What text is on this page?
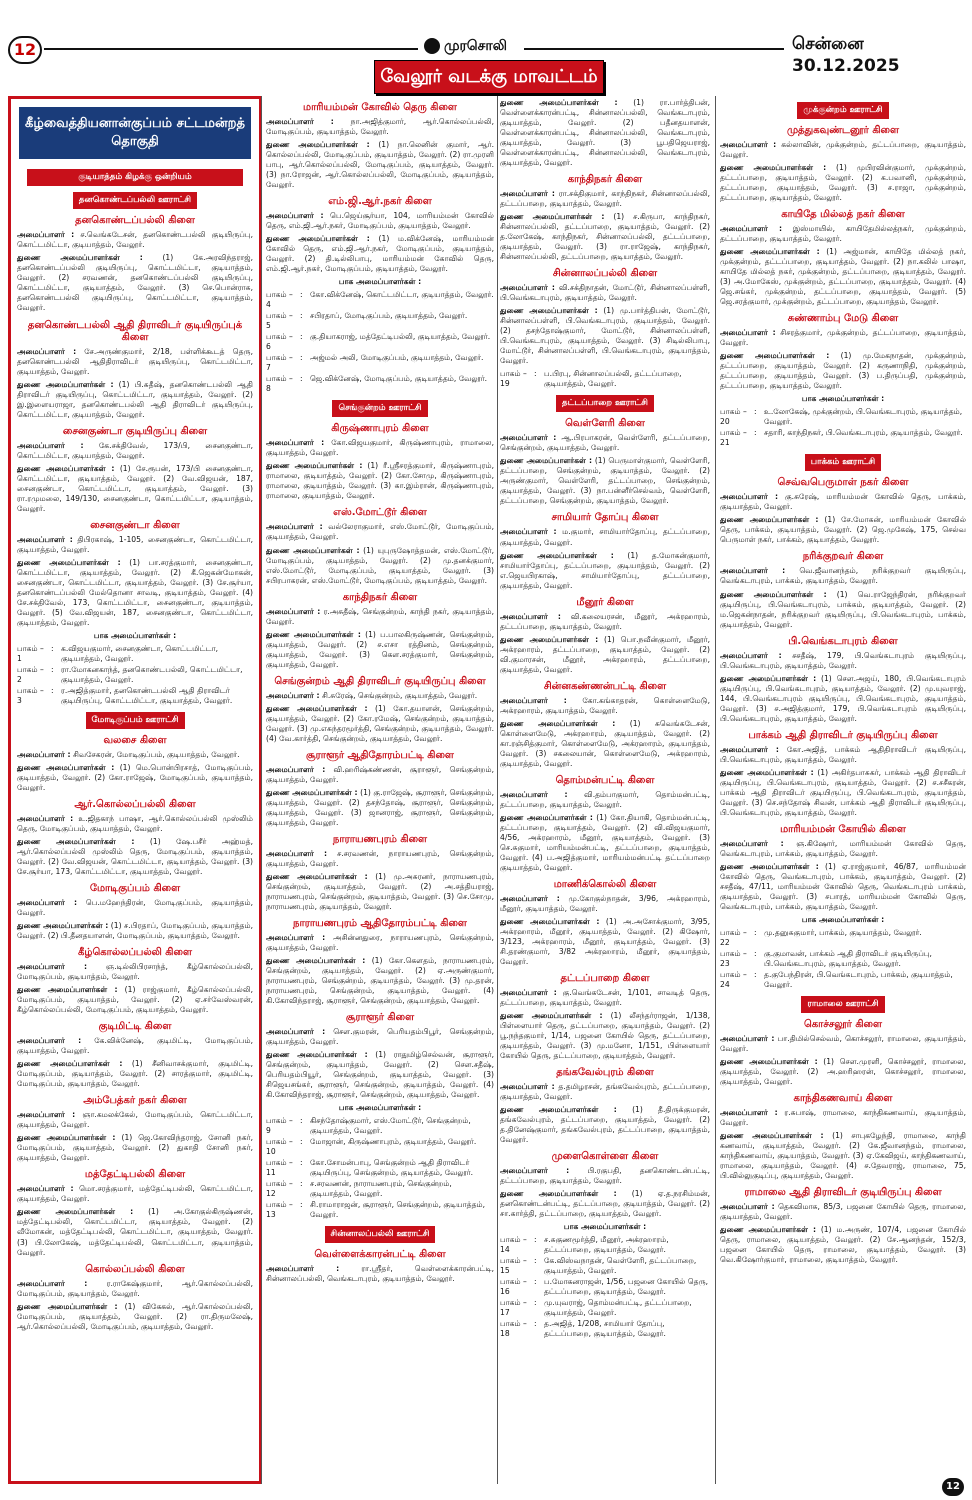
12	முரசொலி	சென்னை 30.12.2025
வேலூர் வடக்கு மாவட்டம்
கீழ்வைத்தியனான்குப்பம் சட்டமன்றத் தொகுதி
குடியாத்தம் கிழக்கு ஒன்றியம்
தனகொண்டப்பல்லி ஊராட்சி
தனகொண்டப்பல்லி கிளை
அமைப்பாளர் : ச.வெங்கடேசன், தனகொண்டபல்லி குடியிருப்பு, கொட்டமிட்டா, குடியாத்தம், வேலூர்.
துணை அமைப்பாளர்கள் :	(1) கே.அரவிந்தராஜ், தனகொண்டப்பல்லி குடியிருப்பு, கொட்டமிட்டா, குடியாத்தம், வேலூர். (2) சரவணன், தனகொண்டப்பல்லி குடியிருப்பு, கொட்டமிட்டா, குடியாத்தம், வேலூர். (3) செ.பொன்ராசு, தனகொண்டபல்லி குடியிருப்பு, கொட்டமிட்டா, குடியாத்தம், வேலூர்.
தனகொண்டபல்லி ஆதி திராவிடர் குடியிருப்புக் கிளை
அமைப்பாளர் : சே.அருண்குமார், 2/18, பள்ளிக்கூடத் தெரு, தனகொண்டபல்லி ஆதிதிராவிடர் குடியிருப்பு, கொட்டமிட்டா, குடியாத்தம், வேலூர்.
துணை அமைப்பாளர்கள் : (1) பி.சுதீஷ், தனகொண்டபல்லி ஆதி திராவிடர் குடியிருப்பு, கொட்டமிட்டா, குடியாத்தம், வேலூர். (2) இ.இளையராஜா, தனகொண்டபல்லி ஆதி திராவிடர் குடியிருப்பு, கொட்டமிட்டா, குடியாத்தம், வேலூர்.
சைனகுண்டா குடியிருப்பு கிளை
அமைப்பாளர் : கே.சக்திவேல், 173/பி, சைனகுண்டா, கொட்டமிட்டா, குடியாத்தம், வேலூர்.
துணை அமைப்பாளர்கள் : (1) சே.ரூபன், 173/பி சைனகுண்டா, கொட்டமிட்டா, குடியாத்தம், வேலூர். (2) வே.விஜயன், 187, சைனகுண்டா, கொட்டமிட்டா, குடியாத்தம், வேலூர். (3) ரா.ரமுமலை, 149/130, சைனகுண்டா, கொட்டமிட்டா, குடியாத்தம், வேலூர்.
சைனகுண்டா கிளை
அமைப்பாளர் : திபிரகாஷ், 1-105, சைனகுண்டா, கொட்டமிட்டா, குடியாத்தம், வேலூர்.
துணை அமைப்பாளர்கள் : (1) பா.சரத்குமார், சைனகுண்டா, கொட்டமிட்டா, குடியாத்தம், வேலூர். (2) கீ.ஜெகன்மோகன், சைனகுண்டா, கொட்டமிட்டா, குடியாத்தம், வேலூர். (3) சே.சூர்யா, தனகொண்டப்பல்லி மேல்தொனா சாவடி, குடியாத்தம், வேலூர். (4) சே.சக்திவேல், 173, கொட்டமிட்டா, சைனகுண்டா, குடியாத்தம், வேலூர். (5) வே.விஜயன், 187, சைனகுண்டா, கொட்டமிட்டா, குடியாத்தம், வேலூர்.
பாக அமைப்பாளர்கள் :
பாகம் – 1
: க.விஜயகுமார், சைனகுண்டா, கொட்டமிட்டா, குடியாத்தம், வேலூர்.
பாகம் – 2
: ரா.மோகனகாந்த், தனகொண்டபல்லி, கொட்டமிட்டா, குடியாத்தம், வேலூர்.
பாகம் – 3
: ர.அஜித்குமார், தனகொண்டபல்லி ஆதி திராவிடர் குடியிருப்பு, கொட்டமிட்டா, குடியாத்தம், வேலூர்.
மோடிகுப்பம் ஊராட்சி
வலசை கிளை
அமைப்பாளர் : சிவசேகரன், மோடிகுப்பம், குடியாத்தம், வேலூர்.
துணை அமைப்பாளர்கள் : (1) மெ.பொன்பிரசாத், மோடிகுப்பம், குடியாத்தம், வேலூர். (2) கோ.ராஜேஷ், மோடிகுப்பம், குடியாத்தம், வேலூர்.
ஆர்.கொல்லப்பல்லி கிளை
அமைப்பாளர் : உ.ஜிதகாந் பாஷா, ஆர்.கொல்லப்பல்லி முஸ்லிம் தெரு, மோடிகுப்பம், குடியாத்தம், வேலூர்.
துணை அமைப்பாளர்கள் : (1) ஷே.பசீர் அஹ்மத், ஆர்.கொல்லப்பல்லி முஸ்லிம் தெரு, மோடிகுப்பம், குடியாத்தம், வேலூர். (2) வே.விஜயன், கொட்டமிட்டா, குடியாத்தம், வேலூர். (3) சே.சூர்யா, 173, கொட்டமிட்டா, குடியாத்தம், வேலூர்.
மோடிகுப்பம் கிளை
அமைப்பாளர் : பெ.மஹேந்திரன், மோடிகுப்பம், குடியாத்தம், வேலூர்.
துணை அமைப்பாளர்கள் : (1) ச.பிரதாப், மோடிகுப்பம், குடியாத்தம், வேலூர். (2) பி.தீனதயாளன், மோடிகுப்பம், குடியாத்தம், வேலூர்.
கீழ்கொல்லப்பல்லி கிளை
அமைப்பாளர் : ஞ.டில்லிபிரசாந்த், கீழ்கொல்லப்பல்லி, மோடிகுப்பம், குடியாத்தம், வேலூர்.
துணை அமைப்பாளர்கள் : (1) ராஜ்குமார், கீழ்கொல்லப்பல்லி, மோடிகுப்பம், குடியாத்தம், வேலூர். (2) ஏ.சர்வேஸ்வரன், கீழ்கொல்லப்பல்லி, மோடிகுப்பம், குடியாத்தம், வேலூர்.
குடிமிட்டி கிளை
அமைப்பாளர் : கே.விக்னேஷ், குடிமிட்டி, மோடிகுப்பம், குடியாத்தம், வேலூர்.
துணை அமைப்பாளர்கள் : (1) சீனிவாசக்குமார், குடிமிட்டி, மோடிகுப்பம், குடியாத்தம், வேலூர். (2) சாரத்குமார், குடிமிட்டி, மோடிகுப்பம், குடியாத்தம், வேலூர்.
அம்பேத்கர் நகர் கிளை
அமைப்பாளர் : ஞா.கமலக்கேல், மோடிகுப்பம், கொட்டமிட்டா, குடியாத்தம், வேலூர்.
துணை அமைப்பாளர்கள் : (1) ஜெ.கோவிந்தராஜ், சோனி நகர், மோடிகுப்பம், குடியாத்தம், வேலூர். (2) துகாதி சோனி நகர், குடியாத்தம், வேலூர்.
மத்தேட்டிபல்லி கிளை
அமைப்பாளர் : மொ.சரத்குமார், மத்தேட்டிபல்லி, கொட்டமிட்டா, குடியாத்தம், வேலூர்.
துணை அமைப்பாளர்கள் : (1) அ.கோகுல்கிருஷ்ணன், மத்தேட்டிபல்லி, கொட்டமிட்டா, குடியாத்தம், வேலூர். (2) வீமோகன், மத்தேட்டிபல்லி, கொட்டமிட்டா, குடியாத்தம், வேலூர். (3) பி.லோகேஷ், மத்தேட்டிபல்லி, கொட்டமிட்டா, குடியாத்தம், வேலூர்.
கொல்லப்பல்லி கிளை
அமைப்பாளர் :	ர.ராகேஷ்குமார், ஆர்.கொல்லப்பல்லி, மோடிகுப்பம், குடியாத்தம், வேலூர்.
துணை அமைப்பாளர்கள் : (1) விகேகல், ஆர்.கொல்லப்பல்லி, மோடிகுப்பம், குடியாத்தம், வேலூர். (2) ரா.திருமலேஷ், ஆர்.கொல்லப்பல்லி, மோடிகுப்பம், குடியாத்தம், வேலூர்.
மாரியம்மன் கோவில் தெரு கிளை
அமைப்பாளர் : நா.அஜித்குமார், ஆர்.கொல்லப்பல்லி, மோடிகுப்பம், குடியாத்தம், வேலூர்.
துணை அமைப்பாளர்கள் : (1) நா.லெனின் குமார், ஆர். கொல்லப்பல்லி, மோடிகுப்பம், குடியாத்தம், வேலூர். (2) ரா.முரளி பாபு, ஆர்.கொல்லப்பல்லி, மோடிகுப்பம், குடியாத்தம், வேலூர். (3) நா.ரோஜன், ஆர்.கொல்லப்பல்லி, மோடிகுப்பம், குடியாத்தம், வேலூர்.
எம்.ஜி.ஆர்.நகர் கிளை
அமைப்பாளர் : பெ.ஜெய்சூர்யா, 104, மாரியம்மன் கோவில் தெரு, எம்.ஜி.ஆர்.நகர், மோடிகுப்பம், குடியாத்தம், வேலூர்.
துணை அமைப்பாளர்கள் : (1) ம.விக்னேஷ், மாரியம்மன் கோவில் தெரு, எம்.ஜி.ஆர்.நகர், மோடிகுப்பம், குடியாத்தம், வேலூர். (2) தி.டில்லிபாபு, மாரியம்மன் கோவில் தெரு, எம்.ஜி.ஆர்.நகர், மோடிகுப்பம், குடியாத்தம், வேலூர்.
பாக அமைப்பாளர்கள் :
பாகம் – 4
: கோ.விக்னேஷ், கொட்டமிட்டா, குடியாத்தம், வேலூர்.
பாகம் – 5
: சபிரதாப், மோடிகுப்பம், குடியாத்தம், வேலூர்.
பாகம் – 6
: கு.தியாகராஜ், மத்தேட்டிபல்லி, குடியாத்தம், வேலூர்.
பாகம் – 7
: அஜ்மல் அலி, மோடிகுப்பம், குடியாத்தம், வேலூர்.
பாகம் – 8
: ஜெ.விக்னேஷ், மோடிகுப்பம், குடியாத்தம், வேலூர்.
செங்குன்றம் ஊராட்சி
கிருஷ்ணாபுரம் கிளை
அமைப்பாளர் : கோ.விஜயகுமார், கிருஷ்ணாபுரம், ராமாலை, குடியாத்தம், வேலூர்.
துணை அமைப்பாளர்கள் : (1) ரீ.ஸ்ரீசரத்குமார், கிருஷ்ணாபுரம், ராமாலை, குடியாத்தம், வேலூர். (2) கோ.சோமு, கிருஷ்ணாபுரம், ராமாலை, குடியாத்தம், வேலூர். (3) கா.இம்ரான், கிருஷ்ணாபுரம், ராமாலை, குடியாத்தம், வேலூர்.
எஸ்.மோட்டூர் கிளை
அமைப்பாளர் : வல்லேராகுமார், எஸ்.மோட்டூர், மோடிகுப்பம், குடியாத்தம், வேலூர்.
துணை அமைப்பாளர்கள் : (1) யுபுருஷோத்தமன், எஸ்.மோட்டூர், மோடிகுப்பம், குடியாத்தம், வேலூர். (2) மு.தனக்குமார், எஸ்.மோட்டூர், மோடிகுப்பம், குடியாத்தம், வேலூர். (3) சபிரபாகரன், எஸ்.மோட்டூர், மோடிகுப்பம், குடியாத்தம், வேலூர்.
காந்திநகர் கிளை
அமைப்பாளர் : ர.அசுதீஷ், செங்குன்றம், காந்தி நகர், குடியாத்தம், வேலூர்.
துணை அமைப்பாளர்கள் : (1) ப.பாலகிருஷ்ணன், செங்குன்றம், குடியாத்தம், வேலூர். (2) ச.எசா ரத்தினம், செங்குன்றம், குடியாத்தம், வேலூர். (3) கௌ.சரத்குமார், செங்குன்றம், குடியாத்தம், வேலூர்.
செங்குன்றம் ஆதி திராவிடர் குடியிருப்பு கிளை
அமைப்பாளர் : சி.சுரேஷ், செங்குன்றம், குடியாத்தம், வேலூர்.
துணை அமைப்பாளர்கள் : (1) கோ.தயாளன், செங்குன்றம், குடியாத்தம், வேலூர். (2) கோ.ரமேஷ், செங்குன்றம், குடியாத்தம், வேலூர். (3) மு.எசுந்தரமூர்த்தி, செங்குன்றம், குடியாத்தம், வேலூர். (4) வே.கார்த்தி, செங்குன்றம், குடியாத்தம், வேலூர்.
சூராளூர் ஆதிதோரம்பட்டி கிளை
அமைப்பாளர் : வி.ஹரிஷ்கண்ணன், சூராளூர், செங்குன்றம், குடியாத்தம், வேலூர்.
துணை அமைப்பாளர்கள் : (1) கு.ராஜேஷ், சூராளூர், செங்குன்றம், குடியாத்தம், வேலூர். (2) தசந்தோஷ், சூராளூர், செங்குன்றம், குடியாத்தம், வேலூர். (3) ஜானராஜ், சூராளூர், செங்குன்றம், குடியாத்தம், வேலூர்.
நாராயணபுரம் கிளை
அமைப்பாளர் : ச.சரவணன், நாராயணபுரம், செங்குன்றம், குடியாத்தம், வேலூர்.
துணை அமைப்பாளர்கள் : (1) மு.அசுரனர், நாராயணபுரம், செங்குன்றம், குடியாத்தம், வேலூர். (2) அ.சத்தியராஜ், நாராயணபுரம், செங்குன்றம், குடியாத்தம், வேலூர். (3) செ.சோமு, நாராயணபுரம், குடியாத்தம், வேலூர்.
நாராயணபுரம் ஆதிதோரம்பட்டி கிளை
அமைப்பாளர் : அசின்னதுரை, நாராயணபுரம், செங்குன்றம், குடியாத்தம், வேலூர்.
துணை அமைப்பாளர்கள் : (1) கோ.கௌதம், நாராயணபுரம், செங்குன்றம், குடியாத்தம், வேலூர். (2) ஏ.அருண்குமார், நாராயணபுரம், செங்குன்றம், குடியாத்தம், வேலூர். (3) மு.தரன், நாராயணபுரம், செங்குன்றம், குடியாத்தம், வேலூர். (4) கி.கோவிந்தராஜ், சூராளூர், செங்குன்றம், குடியாத்தம், வேலூர்.
சூராளூர் கிளை
அமைப்பாளர் : சௌ.குமரன், பெரியதம்பிபூர், செங்குன்றம், குடியாத்தம், வேலூர்.
துணை அமைப்பாளர்கள் : (1) ராதுமிழ்செல்வன், சூராளூர், செங்குன்றம், குடியாத்தம், வேலூர். (2) செள.சதீஷ், பெரியதம்பியூர், செங்குன்றம், குடியாத்தம், வேலூர். (3) சிஜெயசங்கர், சூராளூர், செங்குன்றம், குடியாத்தம், வேலூர். (4) கி.கோவிந்தராஜ், சூராளூர், செங்குன்றம், குடியாத்தம், வேலூர்.
பாக அமைப்பாளர்கள் :
பாகம் – 9
: கிசந்தோஷ்குமார், எஸ்.மோட்டூர், செங்குன்றம், குடியாத்தம், வேலூர்.
பாகம் – 10
: மோஜான், கிருஷ்ணாபுரம், குடியாத்தம், வேலூர்.
பாகம் – 11
: கோ.சோமன்பாபு, செங்குன்றம் ஆதி திராவிடர் குடியிருப்பு, செங்குன்றம், குடியாத்தம், வேலூர்.
பாகம் – 12
: ச.சரவணன், நாராயணபுரம், செங்குன்றம், குடியாத்தம், வேலூர்.
பாகம் – 13
: சி.ராமாராஜன், சூராளூர், செங்குன்றம், குடியாத்தம், வேலூர்.
சின்னாலப்பல்லி ஊராட்சி
வெள்ளைக்காரன்பட்டி கிளை
அமைப்பாளர் :	ரா.ஸ்ரீதர், வெள்ளைக்காரன்பட்டி, சின்னாலப்பல்லி, வெங்கடாபுரம், குடியாத்தம், வேலூர்.
துணை அமைப்பாளர்கள் : (1) ரா.பார்த்திபன், வெள்ளைக்காரன்பட்டி, சின்னாலப்பல்லி, வெங்கடாபுரம், குடியாத்தம், வேலூர். (2) பதீனதயாளன், வெள்ளைக்காரன்பட்டி, சின்னாலப்பல்லி, வெங்கடாபுரம், குடியாத்தம், வேலூர். (3) பூபதிஜெயராஜ், வெள்ளைக்காரன்பட்டி, சின்னாலப்பல்லி, வெங்கடாபுரம், குடியாத்தம், வேலூர்.
காந்திநகர் கிளை
அமைப்பாளர் : ரா.சக்திகுமார், காந்திநகர், சின்னாலப்பல்லி, தட்டப்பாறை, குடியாத்தம், வேலூர்.
துணை அமைப்பாளர்கள் : (1) ச.கிருபா, காந்திநகர், சின்னாலப்பல்லி, தட்டப்பாறை, குடியாத்தம், வேலூர். (2) த.லோகேஷ், காந்திநகர், சின்னாலப்பல்லி, தட்டப்பாறை, குடியாத்தம், வேலூர். (3) ரா.ராஜேஷ், காந்திநகர், சின்னாலப்பல்லி, தட்டப்பாறை, குடியாத்தம், வேலூர்.
சின்னாலப்பல்லி கிளை
அமைப்பாளர் : வி.சக்திநாதன், மோட்டூர், சின்னாலப்பள்ளி, பி.வெங்கடாபுரம், குடியாத்தம், வேலூர்.
துணை அமைப்பாளர்கள் : (1) மு.பார்த்திபன், மோட்டூர், சின்னாலப்பள்ளி, பி.வெங்கடாபுரம், குடியாத்தம், வேலூர். (2) தசந்தோஷ்குமார், மோட்டூர், சின்னாலப்பள்ளி, பி.வெங்கடாபுரம், குடியாத்தம், வேலூர். (3) சிடில்லிபாபு, மோட்டூர், சின்னாலப்பள்ளி, பி.வெங்கடாபுரம், குடியாத்தம், வேலூர்.
பாகம் – 19
: ப.பிரபு, சின்னாலப்பல்லி, தட்டப்பாறை, குடியாத்தம், வேலூர்.
தட்டப்பாறை ஊராட்சி
வெள்ளேரி கிளை
அமைப்பாளர் : ஆ.பிரபாகரன், வெள்ளேரி, தட்டப்பாறை, செங்குன்றம், குடியாத்தம், வேலூர்.
துணை அமைப்பாளர்கள் : (1) பெருமாள்குமார், வெள்ளேரி, தட்டப்பாறை, செங்குன்றம், குடியாத்தம், வேலூர். (2) அருண்குமார், வெள்ளேரி, தட்டப்பாறை, செங்குன்றம், குடியாத்தம், வேலூர். (3) நா.பன்னீர்செல்வம், வெள்ளேரி, தட்டப்பாறை, செங்குன்றம், குடியாத்தம், வேலூர்.
சாமியார் தோப்பு கிளை
அமைப்பாளர் : ம.குமார், சாமியார்தோப்பு, தட்டப்பாறை, குடியாத்தம், வேலூர்.
துணை அமைப்பாளர்கள் : (1) த.மோகன்குமார், சாமியார்தோப்பு, தட்டப்பாறை, குடியாத்தம், வேலூர். (2) எ.ஜெயபிரகாஷ், சாமியார்தோப்பு, தட்டப்பாறை, குடியாத்தம், வேலூர்.
மீனூர் கிளை
அமைப்பாளர் : வி.கலையரசன், மீனூர், அக்ரஹாரம், தட்டப்பாறை, குடியாத்தம், வேலூர்.
துணை அமைப்பாளர்கள் : (1) பொ.நவீன்குமார், மீனூர், அக்ரஹாரம், தட்டப்பாறை, குடியாத்தம், வேலூர். (2) வி.குமாரசன், மீனூர், அக்ரஹாரம், தட்டப்பாறை, குடியாத்தம், வேலூர்.
சின்னகண்ணன்பட்டி கிளை
அமைப்பாளர் : கோ.கங்காதரன், கொள்ளைமேடு, அக்ரஹாரம், குடியாத்தம், வேலூர்.
துணை அமைப்பாளர்கள் : (1) சுவெங்கடேசன், கொள்ளைமேடு, அக்ரஹாரம், குடியாத்தம், வேலூர். (2) கா.ரஞ்சித்குமார், கொள்ளைமேடு, அக்ரஹாரம், குடியாத்தம், வேலூர். (3) சகலையான், கொள்ளைமேடு, அக்ரஹாரம், குடியாத்தம், வேலூர்.
தொம்மன்பட்டி கிளை
அமைப்பாளர் : வி.தம்பாகுமார், தொம்மன்பட்டி, தட்டப்பாறை, குடியாத்தம், வேலூர்.
துணை அமைப்பாளர்கள் : (1) கோ.தியாகி, தொம்மன்பட்டி, தட்டப்பாறை, குடியாத்தம், வேலூர். (2) வி.விஜயகுமார், 4/56, அக்ரஹாரம், மீனூர், குடியாத்தம், வேலூர். (3) செ.சுகுமார், மாரியம்மன்பட்டி, தட்டப்பாறை, குடியாத்தம், வேலூர். (4) ப.அஜித்குமார், மாரியம்மன்பட்டி தட்டப்பாறை குடியாத்தம், வேலூர்.
மாணிக்கொல்லி கிளை
அமைப்பாளர் : மு.கோகுல்நாதன், 3/96, அக்ரஹாரம், மீனூர், குடியாத்தம், வேலூர்.
துணை அமைப்பாளர்கள் : (1) அ.அசோக்குமார், 3/95, அக்ரஹாரம், மீனூர், குடியாத்தம், வேலூர். (2) கிஷோர், 3/123, அக்ரஹாரம், மீனூர், குடியாத்தம், வேலூர். (3) சி.தரண்குமார், 3/82 அக்ரஹாரம், மீனூர், குடியாத்தம், வேலூர்.
தட்டப்பாறை கிளை
அமைப்பாளர் : கு.வெங்கடேசன், 1/101, சாவடித் தெரு, தட்டப்பாறை, குடியாத்தம், வேலூர்.
துணை அமைப்பாளர்கள் : (1) லீசந்தர்ராஜன், 1/138, பிள்ளையார் தெரு, தட்டப்பாறை, குடியாத்தம், வேலூர். (2) பூ.நந்தகுமார், 1/14, பஜனை கோயில் தெரு, தட்டப்பாறை, குடியாத்தம், வேலூர். (3) மு.மனோ, 1/151, பிள்ளையார் கோயில் தெரு, தட்டப்பாறை, குடியாத்தம், வேலூர்.
தங்கவேல்புரம் கிளை
அமைப்பாளர் : த.தமிழரசன், தங்கவேல்புரம், தட்டப்பாறை, குடியாத்தம், வேலூர்.
துணை அமைப்பாளர்கள் : (1) தீ.திருக்குமரன், தங்கவேல்புரம், தட்டப்பாறை, குடியாத்தம், வேலூர். (2) த.தினேஷ்குமார், தங்கவேல்புரம், தட்டப்பாறை, குடியாத்தம், வேலூர்.
முளைகொள்ளை கிளை
அமைப்பாளர் : பி.ரகுபதி, தனகொண்டன்பட்டி, தட்டப்பாறை, குடியாத்தம், வேலூர்.
துணை அமைப்பாளர்கள் : (1) ஏ.த.நரசிம்மன், தனகொண்டன்பட்டி, தட்டப்பாறை, குடியாத்தம், வேலூர். (2) சா.கார்த்தி, தட்டப்பாறை, குடியாத்தம், வேலூர்.
பாக அமைப்பாளர்கள் :
பாகம் – 14
: ச.சுகுணமூர்த்தி, மீனூர், அக்ரஹாரம், தட்டப்பாறை, குடியாத்தம், வேலூர்.
பாகம் – 15
: கே.விஸ்வநாதன், வெள்ளேரி, தட்டப்பாறை, குடியாத்தம், வேலூர்.
பாகம் – 16
: ப.மோகனராஜன், 1/56, பஜனை கோயில் தெரு, தட்டப்பாறை, குடியாத்தம், வேலூர்.
பாகம் – 17
: மு.யுவராஜ், தொம்மன்பட்டி, தட்டப்பாறை, குடியாத்தம், வேலூர்.
பாகம் – 18
: த.அஜித், 1/208, சாமியார் தோப்பு, தட்டப்பாறை, குடியாத்தம், வேலூர்.
முக்குன்றம் ஊராட்சி
முத்துகவுண்டனூர் கிளை
அமைப்பாளர் : கல்லாவின், முக்குன்றம், தட்டப்பாறை, குடியாத்தம், வேலூர்.
துணை அமைப்பாளர்கள் : (1) முபிரவின்குமார், முக்குன்றம், தட்டப்பாறை, குடியாத்தம், வேலூர். (2) க.பவானி, முக்குன்றம், தட்டப்பாறை, குடியாத்தம், வேலூர். (3) ச.ராஜா, முக்குன்றம், தட்டப்பாறை, குடியாத்தம், வேலூர்.
காயிதே மில்லத் நகர் கிளை
அமைப்பாளர் : இஸ்மாயில், காயிதேமில்லத்நகர், முக்குன்றம், தட்டப்பாறை, குடியாத்தம், வேலூர்.
துணை அமைப்பாளர்கள் : (1) அஜ்மான், காயிதே மில்லத் நகர், முக்குன்றம், தட்டப்பாறை, குடியாத்தம், வேலூர். (2) நா.கலில் பாஷா, காயிதே மில்லத் நகர், முக்குன்றம், தட்டப்பாறை, குடியாத்தம், வேலூர். (3) அ.மோகேஸ், முக்குன்றம், தட்டப்பாறை, குடியாத்தம், வேலூர். (4) ஜெ.சங்கர், முக்குன்றம், தட்டப்பாறை, குடியாத்தம், வேலூர். (5) ஜெ.சரத்குமார், முக்குன்றம், தட்டப்பாறை, குடியாத்தம், வேலூர்.
சுண்ணாம்பு மேடு கிளை
அமைப்பாளர் : சிசரத்குமார், முக்குன்றம், தட்டப்பாறை, குடியாத்தம், வேலூர்.
துணை அமைப்பாளர்கள் : (1) மு.மேகநாதன், முக்குன்றம், தட்டப்பாறை, குடியாத்தம், வேலூர். (2) கருணாநிதி, முக்குன்றம், தட்டப்பாறை, குடியாத்தம், வேலூர். (3) ப.திருப்பதி, முக்குன்றம், தட்டப்பாறை, குடியாத்தம், வேலூர்.
பாக அமைப்பாளர்கள் :
பாகம் – 20
: உ.லோகேஷ், முக்குன்றம், பி.வெங்கடாபுரம், குடியாத்தம், வேலூர்.
பாகம் – 21
: சதாரி, காந்திநகர், பி.வெங்கடாபுரம், குடியாத்தம், வேலூர்.
பாக்கம் ஊராட்சி
செவ்வபெருமாள் நகர் கிளை
அமைப்பாளர் : கு.சுரேஷ், மாரியம்மன் கோவில் தெரு, பாக்கம், குடியாத்தம், வேலூர்.
துணை அமைப்பாளர்கள் : (1) சே.மோகன், மாரியம்மன் கோவில் தெரு, பாக்கம், குடியாத்தம், வேலூர். (2) ஜெ.முகேஷ், 175, செல்வ பெருமாள் நகர், பாக்கம், குடியாத்தம், வேலூர்.
நரிக்குறவர் கிளை
அமைப்பாளர் : வெ.ஜீவானந்தம், நரிக்குறவர் குடியிருப்பு, வெங்கடாபுரம், பாக்கம், குடியாத்தம், வேலூர்.
துணை அமைப்பாளர்கள் : (1) வெ.ராஜேந்திரன், நரிக்குறவர் குடியிருப்பு, பி.வெங்கடாபுரம், பாக்கம், குடியாத்தம், வேலூர். (2) ம.ஜெகன்நாதன், நரிக்குறவர் குடியிருப்பு, பி.வெங்கடாபுரம், பாக்கம், குடியாத்தம், வேலூர்.
பி.வெங்கடாபுரம் கிளை
அமைப்பாளர் : சசதீஷ், 179, பி.வெங்கடாபுரம் குடியிருப்பு, பி.வெங்கடாபுரம், குடியாத்தம், வேலூர்.
துணை அமைப்பாளர்கள் : (1) சௌ.அஜய், 180, பி.வெங்கடாபுரம் குடியிருப்பு, பி.வெங்கடாபுரம், குடியாத்தம், வேலூர். (2) மு.யுவராஜ், 144, பி.வெங்கடாபுரம் குடியிருப்பு, பி.வெங்கடாபுரம், குடியாத்தம், வேலூர். (3) ச.அஜித்குமார், 179, பி.வெங்கடாபுரம் குடியிருப்பு, பி.வெங்கடாபுரம், குடியாத்தம், வேலூர்.
பாக்கம் ஆதி திராவிடர் குடியிருப்பு கிளை
அமைப்பாளர் : கோ.அஜித், பாக்கம் ஆதிதிராவிடர் குடியிருப்பு, பி.வெங்கடாபுரம், குடியாத்தம், வேலூர்.
துணை அமைப்பாளர்கள் : (1) அகிர்தபாசுகர், பாக்கம் ஆதி திராவிடர் குடியிருப்பு, பி.வெங்கடாபுரம், குடியாத்தம், வேலூர். (2) ச.சசீகரன், பாக்கம் ஆதி திராவிடர் குடியிருப்பு, பி.வெங்கடாபுரம், குடியாத்தம், வேலூர். (3) செ.சந்தோஷ் சிவன், பாக்கம் ஆதி திராவிடர் குடியிருப்பு, பி.வெங்கடாபுரம், குடியாத்தம், வேலூர்.
மாரியம்மன் கோயில் கிளை
அமைப்பாளர் : ஞ.கிஷோர், மாரியம்மன் கோவில் தெரு, வெங்கடாபுரம், பாக்கம், குடியாத்தம், வேலூர்.
துணை அமைப்பாளர்கள் : (1) ஏ.ராஜ்குமார், 46/87, மாரியம்மன் கோவில் தெரு, வெங்கடாபுரம், பாக்கம், குடியாத்தம், வேலூர். (2) சசதீஷ், 47/11, மாரியம்மன் கோவில் தெரு, வெங்கடாபுரம் பாக்கம், குடியாத்தம், வேலூர். (3) சபாரத், மாரியம்மன் கோவில் தெரு, வெங்கடாபுரம், பாக்கம், குடியாத்தம், வேலூர்.
பாக அமைப்பாளர்கள் :
பாகம் – 22
: மு.தனுசுகுமார், பாக்கம், குடியாத்தம், வேலூர்.
பாகம் – 23
: கு.குமாவன், பாக்கம் ஆதி திராவிடர் குடியிருப்பு, பி.வெங்கடாபுரம், குடியாத்தம், வேலூர்.
பாகம் – 24
: த.குபேந்திரன், பி.வெங்கடாபுரம், பாக்கம், குடியாத்தம், வேலூர்.
ராமாலை ஊராட்சி
கொச்சலூர் கிளை
அமைப்பாளர் : பா.திமில்செல்வம், கொச்சலூர், ராமாலை, குடியாத்தம், வேலூர்.
துணை அமைப்பாளர்கள் : (1) சௌ.முரளி, கொச்சலூர், ராமாலை, குடியாத்தம், வேலூர். (2) அ.ஹரிஹரன், கொச்சலூர், ராமாலை, குடியாத்தம், வேலூர்.
காந்திகணவாய் கிளை
அமைப்பாளர் : ர.சுபாஷ், ராமாலை, காந்திகணவாய், குடியாத்தம், வேலூர்.
துணை அமைப்பாளர்கள் : (1) சாபுகழேந்தி, ராமாலை, காந்தி கணவாய், குடியாத்தம், வேலூர். (2) கே.ஜீவானந்தம், ராமாலை, காந்திகணவாய், குடியாத்தம், வேலூர். (3) ஏ.கேவிஜய், காந்திகணவாய், ராமாலை, குடியாத்தம், வேலூர். (4) ச.தேவராஜ், ராமாலை, 75, பி.வில்லுகுடிப்பு, குடியாத்தம், வேலூர்.
ராமாலை ஆதி திராவிடர் குடியிருப்பு கிளை
அமைப்பாளர் : தெகவிமாசு, 85/3, பஜனை கோயில் தெரு, ராமாலை, குடியாத்தம், வேலூர்.
துணை அமைப்பாளர்கள் : (1) ம.அருண், 107/4, பஜனை கோயில் தெரு, ராமாலை, குடியாத்தம், வேலூர். (2) சே.ஆனந்தன், 152/3, பஜனை கோயில் தெரு, ராமாலை, குடியாத்தம், வேலூர். (3) வெ.கிஷோர்குமார், ராமாலை, குடியாத்தம், வேலூர்.
12
